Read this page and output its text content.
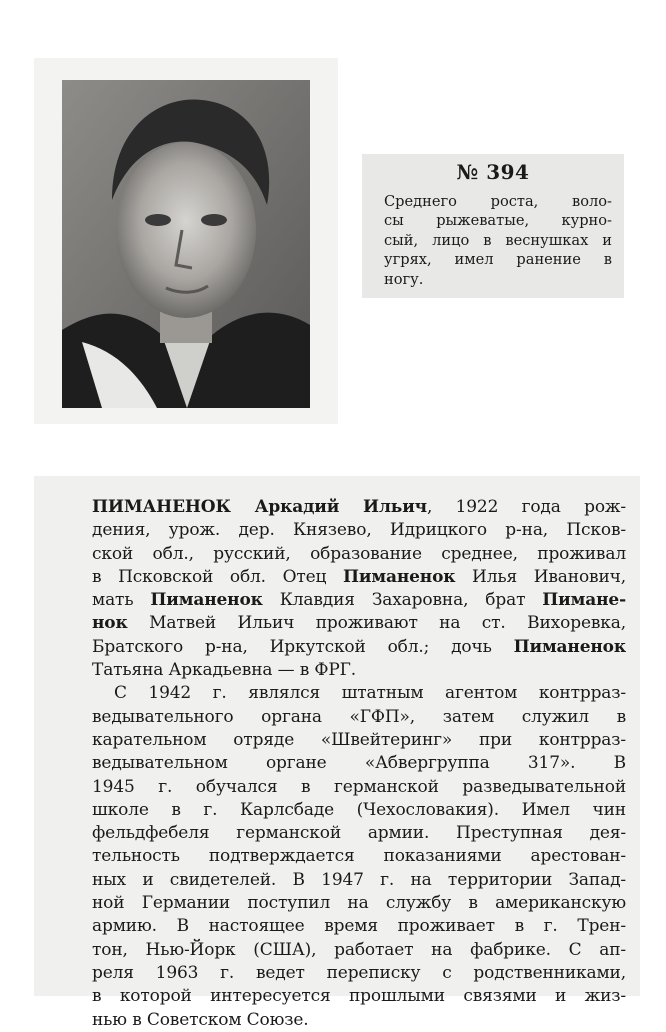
№ 394
Среднего роста, воло-
сы рыжеватые, курно-
сый, лицо в веснушках и
угрях, имел ранение в
ногу.
ПИМАНЕНОК Аркадий Ильич, 1922 года рож-
дения, урож. дер. Князево, Идрицкого р-на, Псков-
ской обл., русский, образование среднее, проживал
в Псковской обл. Отец Пиманенок Илья Иванович,
мать Пиманенок Клавдия Захаровна, брат Пимане-
нок Матвей Ильич проживают на ст. Вихоревка,
Братского р-на, Иркутской обл.; дочь Пиманенок
Татьяна Аркадьевна — в ФРГ.
С 1942 г. являлся штатным агентом контрраз-
ведывательного органа «ГФП», затем служил в
карательном отряде «Швейтеринг» при контрраз-
ведывательном органе «Абвергруппа 317». В
1945 г. обучался в германской разведывательной
школе в г. Карлсбаде (Чехословакия). Имел чин
фельдфебеля германской армии. Преступная дея-
тельность подтверждается показаниями арестован-
ных и свидетелей. В 1947 г. на территории Запад-
ной Германии поступил на службу в американскую
армию. В настоящее время проживает в г. Трен-
тон, Нью-Йорк (США), работает на фабрике. С ап-
реля 1963 г. ведет переписку с родственниками,
в которой интересуется прошлыми связями и жиз-
нью в Советском Союзе.
